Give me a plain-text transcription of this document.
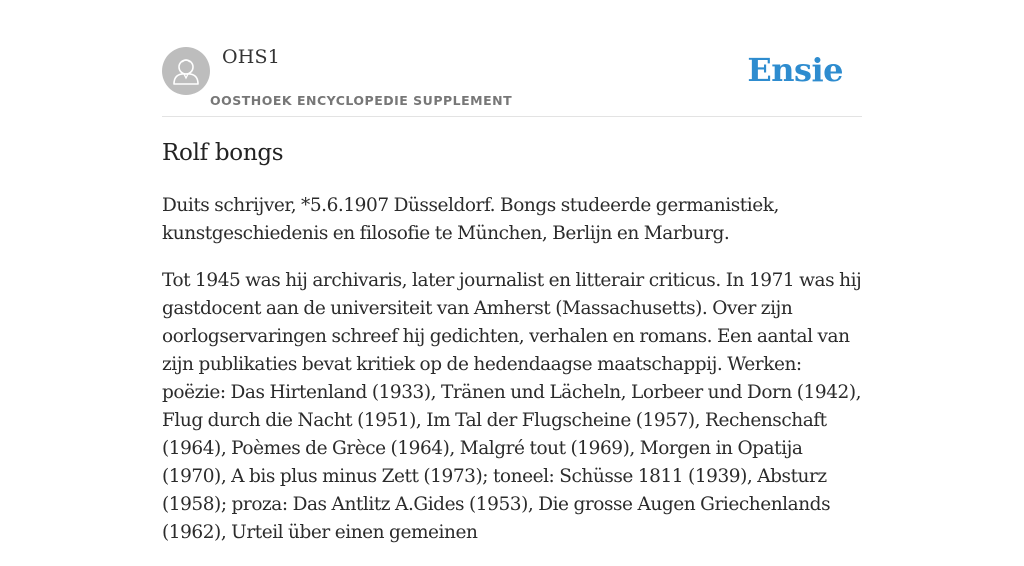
OHS1
OOSTHOEK ENCYCLOPEDIE SUPPLEMENT
Ensie
Rolf bongs

Duits schrijver, *5.6.1907 Düsseldorf. Bongs studeerde germanistiek, kunstgeschiedenis en filosofie te München, Berlijn en Marburg.

Tot 1945 was hij archivaris, later journalist en litterair criticus. In 1971 was hij gastdocent aan de universiteit van Amherst (Massachusetts). Over zijn oorlogservaringen schreef hij gedichten, verhalen en romans. Een aantal van zijn publikaties bevat kritiek op de hedendaagse maatschappij. Werken: poëzie: Das Hirtenland (1933), Tränen und Lächeln, Lorbeer und Dorn (1942), Flug durch die Nacht (1951), Im Tal der Flugscheine (1957), Rechenschaft (1964), Poèmes de Grèce (1964), Malgré tout (1969), Morgen in Opatija (1970), A bis plus minus Zett (1973); toneel: Schüsse 1811 (1939), Absturz (1958); proza: Das Antlitz A.Gides (1953), Die grosse Augen Griechenlands (1962), Urteil über einen gemeinen
